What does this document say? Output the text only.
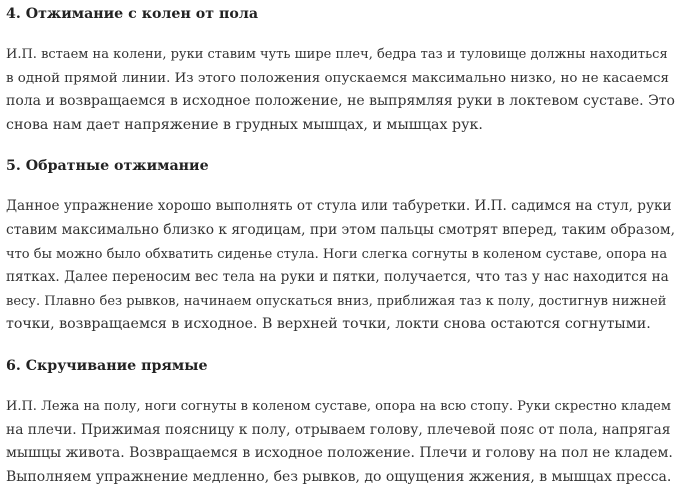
4. Отжимание с колен от пола

И.П. встаем на колени, руки ставим чуть шире плеч, бедра таз и туловище должны находиться
в одной прямой линии. Из этого положения опускаемся максимально низко, но не касаемся
пола и возвращаемся в исходное положение, не выпрямляя руки в локтевом суставе. Это
снова нам дает напряжение в грудных мышцах, и мышцах рук.

5. Обратные отжимание

Данное упражнение хорошо выполнять от стула или табуретки. И.П. садимся на стул, руки
ставим максимально близко к ягодицам, при этом пальцы смотрят вперед, таким образом,
что бы можно было обхватить сиденье стула. Ноги слегка согнуты в коленом суставе, опора на
пятках. Далее переносим вес тела на руки и пятки, получается, что таз у нас находится на
весу. Плавно без рывков, начинаем опускаться вниз, приближая таз к полу, достигнув нижней
точки, возвращаемся в исходное. В верхней точки, локти снова остаются согнутыми.

6. Скручивание прямые

И.П. Лежа на полу, ноги согнуты в коленом суставе, опора на всю стопу. Руки скрестно кладем
на плечи. Прижимая поясницу к полу, отрываем голову, плечевой пояс от пола, напрягая
мышцы живота. Возвращаемся в исходное положение. Плечи и голову на пол не кладем.
Выполняем упражнение медленно, без рывков, до ощущения жжения, в мышцах пресса.
